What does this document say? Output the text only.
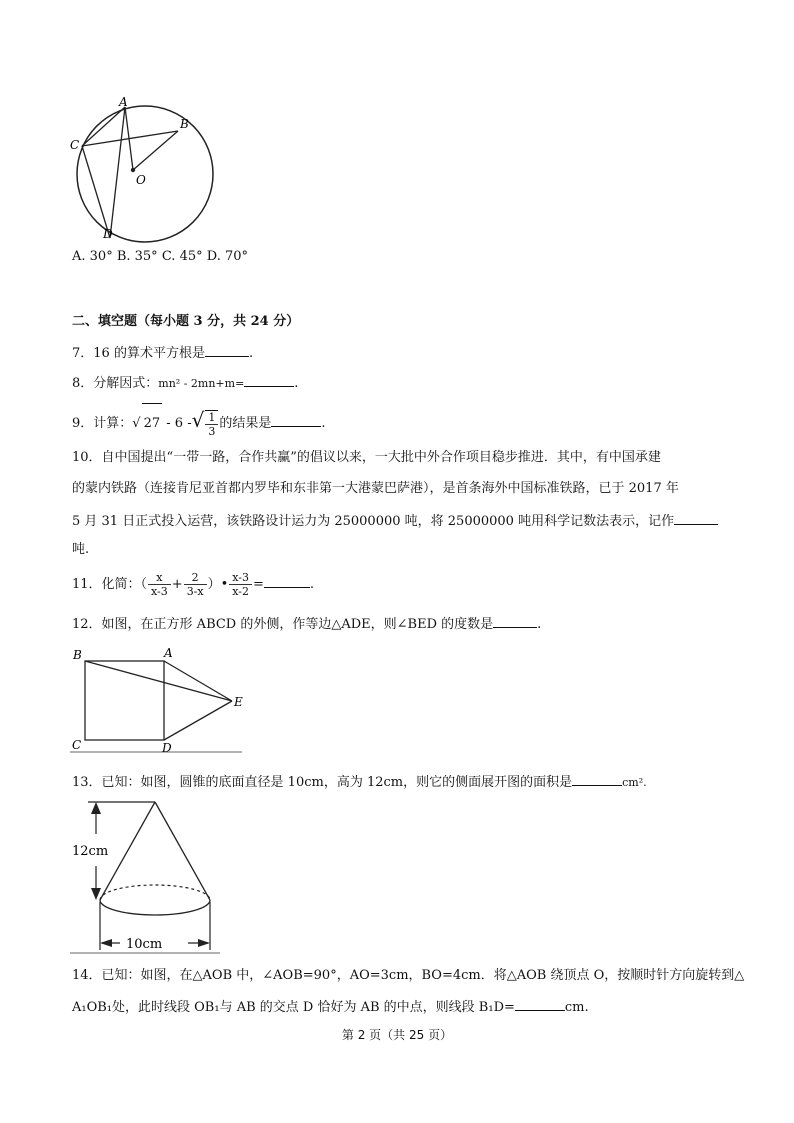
A
B
C
O
D
A. 30° B. 35° C. 45° D. 70°
二、填空题（每小题 3 分，共 24 分）
7．16 的算术平方根是	.
8．分解因式：mn² - 2mn+m=	.
9．计算：√ 27 - 6 -√ $\frac{1}{3}$ 的结果是	.
10．自中国提出“一带一路，合作共赢”的倡议以来，一大批中外合作项目稳步推进．其中，有中国承建
的蒙内铁路（连接肯尼亚首都内罗毕和东非第一大港蒙巴萨港），是首条海外中国标准铁路，已于 2017 年
5 月 31 日正式投入运营，该铁路设计运力为 25000000 吨，将 25000000 吨用科学记数法表示，记作
吨.
11．化简：（ $\frac{x}{x-3} + \frac{2}{3-x}$ ）• $\frac{x-3}{x-2}$ =	.
12．如图，在正方形 ABCD 的外侧，作等边△ADE，则∠BED 的度数是	.
B	A
E
C	D
13．已知：如图，圆锥的底面直径是 10cm，高为 12cm，则它的侧面展开图的面积是	cm².
12cm
10cm
14．已知：如图，在△AOB 中，∠AOB=90°，AO=3cm，BO=4cm．将△AOB 绕顶点 O，按顺时针方向旋转到△
A₁OB₁处，此时线段 OB₁与 AB 的交点 D 恰好为 AB 的中点，则线段 B₁D=	cm.
第 2 页（共 25 页）
